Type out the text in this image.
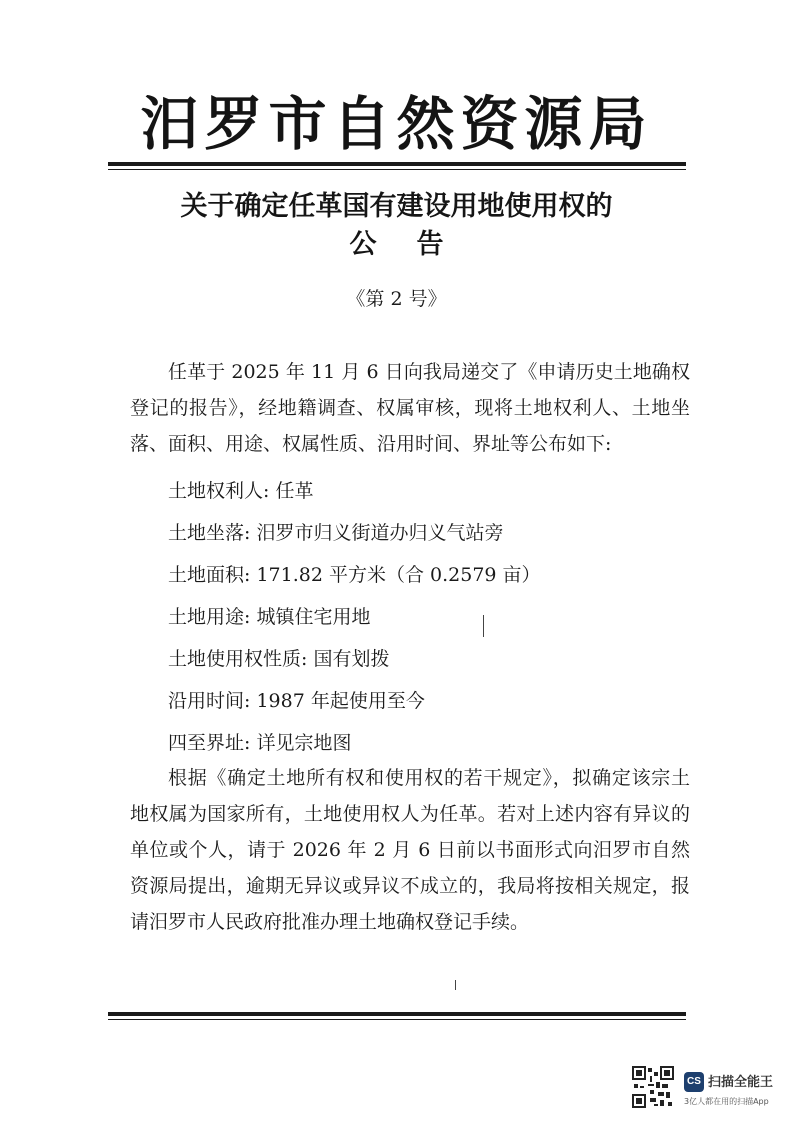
汨罗市自然资源局
关于确定任革国有建设用地使用权的
公告
《第 2 号》

任革于 2025 年 11 月 6 日向我局递交了《申请历史土地确权登记的报告》，经地籍调查、权属审核，现将土地权利人、土地坐落、面积、用途、权属性质、沿用时间、界址等公布如下:

土地权利人: 任革
土地坐落: 汨罗市归义街道办归义气站旁
土地面积: 171.82 平方米（合 0.2579 亩）
土地用途: 城镇住宅用地
土地使用权性质: 国有划拨
沿用时间: 1987 年起使用至今
四至界址: 详见宗地图

根据《确定土地所有权和使用权的若干规定》，拟确定该宗土地权属为国家所有，土地使用权人为任革。若对上述内容有异议的单位或个人，请于 2026 年 2 月 6 日前以书面形式向汨罗市自然资源局提出，逾期无异议或异议不成立的，我局将按相关规定，报请汨罗市人民政府批准办理土地确权登记手续。

CS 扫描全能王
3亿人都在用的扫描App
